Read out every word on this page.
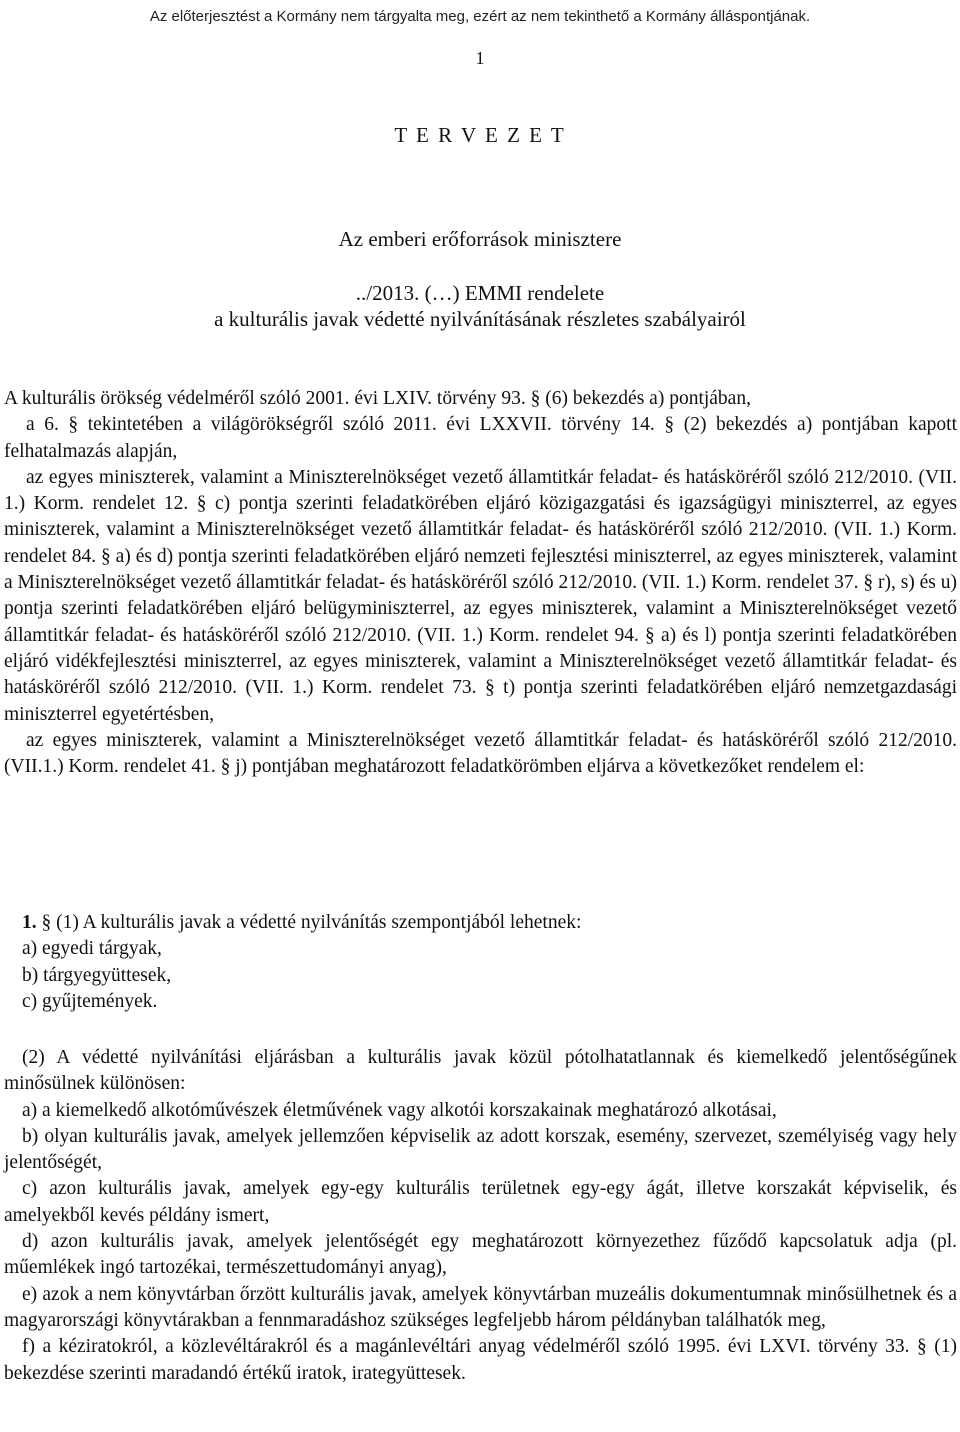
Az előterjesztést a Kormány nem tárgyalta meg, ezért az nem tekinthető a Kormány álláspontjának.
1
T E R V E Z E T
Az emberi erőforrások minisztere
../2013. (…) EMMI rendelete
a kulturális javak védetté nyilvánításának részletes szabályairól

A kulturális örökség védelméről szóló 2001. évi LXIV. törvény 93. § (6) bekezdés a) pontjában,

a 6. § tekintetében a világörökségről szóló 2011. évi LXXVII. törvény 14. § (2) bekezdés a) pontjában kapott felhatalmazás alapján,

az egyes miniszterek, valamint a Miniszterelnökséget vezető államtitkár feladat- és hatásköréről szóló 212/2010. (VII. 1.) Korm. rendelet 12. § c) pontja szerinti feladatkörében eljáró közigazgatási és igazságügyi miniszterrel, az egyes miniszterek, valamint a Miniszterelnökséget vezető államtitkár feladat- és hatásköréről szóló 212/2010. (VII. 1.) Korm. rendelet 84. § a) és d) pontja szerinti feladatkörében eljáró nemzeti fejlesztési miniszterrel, az egyes miniszterek, valamint a Miniszterelnökséget vezető államtitkár feladat- és hatásköréről szóló 212/2010. (VII. 1.) Korm. rendelet 37. § r), s) és u) pontja szerinti feladatkörében eljáró belügyminiszterrel, az egyes miniszterek, valamint a Miniszterelnökséget vezető államtitkár feladat- és hatásköréről szóló 212/2010. (VII. 1.) Korm. rendelet 94. § a) és l) pontja szerinti feladatkörében eljáró vidékfejlesztési miniszterrel, az egyes miniszterek, valamint a Miniszterelnökséget vezető államtitkár feladat- és hatásköréről szóló 212/2010. (VII. 1.) Korm. rendelet 73. § t) pontja szerinti feladatkörében eljáró nemzetgazdasági miniszterrel egyetértésben,

az egyes miniszterek, valamint a Miniszterelnökséget vezető államtitkár feladat- és hatásköréről szóló 212/2010. (VII.1.) Korm. rendelet 41. § j) pontjában meghatározott feladatkörömben eljárva a következőket rendelem el:

1. § (1) A kulturális javak a védetté nyilvánítás szempontjából lehetnek:

a) egyedi tárgyak,

b) tárgyegyüttesek,

c) gyűjtemények.

(2) A védetté nyilvánítási eljárásban a kulturális javak közül pótolhatatlannak és kiemelkedő jelentőségűnek minősülnek különösen:

a) a kiemelkedő alkotóművészek életművének vagy alkotói korszakainak meghatározó alkotásai,

b) olyan kulturális javak, amelyek jellemzően képviselik az adott korszak, esemény, szervezet, személyiség vagy hely jelentőségét,

c) azon kulturális javak, amelyek egy-egy kulturális területnek egy-egy ágát, illetve korszakát képviselik, és amelyekből kevés példány ismert,

d) azon kulturális javak, amelyek jelentőségét egy meghatározott környezethez fűződő kapcsolatuk adja (pl. műemlékek ingó tartozékai, természettudományi anyag),

e) azok a nem könyvtárban őrzött kulturális javak, amelyek könyvtárban muzeális dokumentumnak minősülhetnek és a magyarországi könyvtárakban a fennmaradáshoz szükséges legfeljebb három példányban találhatók meg,

f) a kéziratokról, a közlevéltárakról és a magánlevéltári anyag védelméről szóló 1995. évi LXVI. törvény 33. § (1) bekezdése szerinti maradandó értékű iratok, irategyüttesek.
